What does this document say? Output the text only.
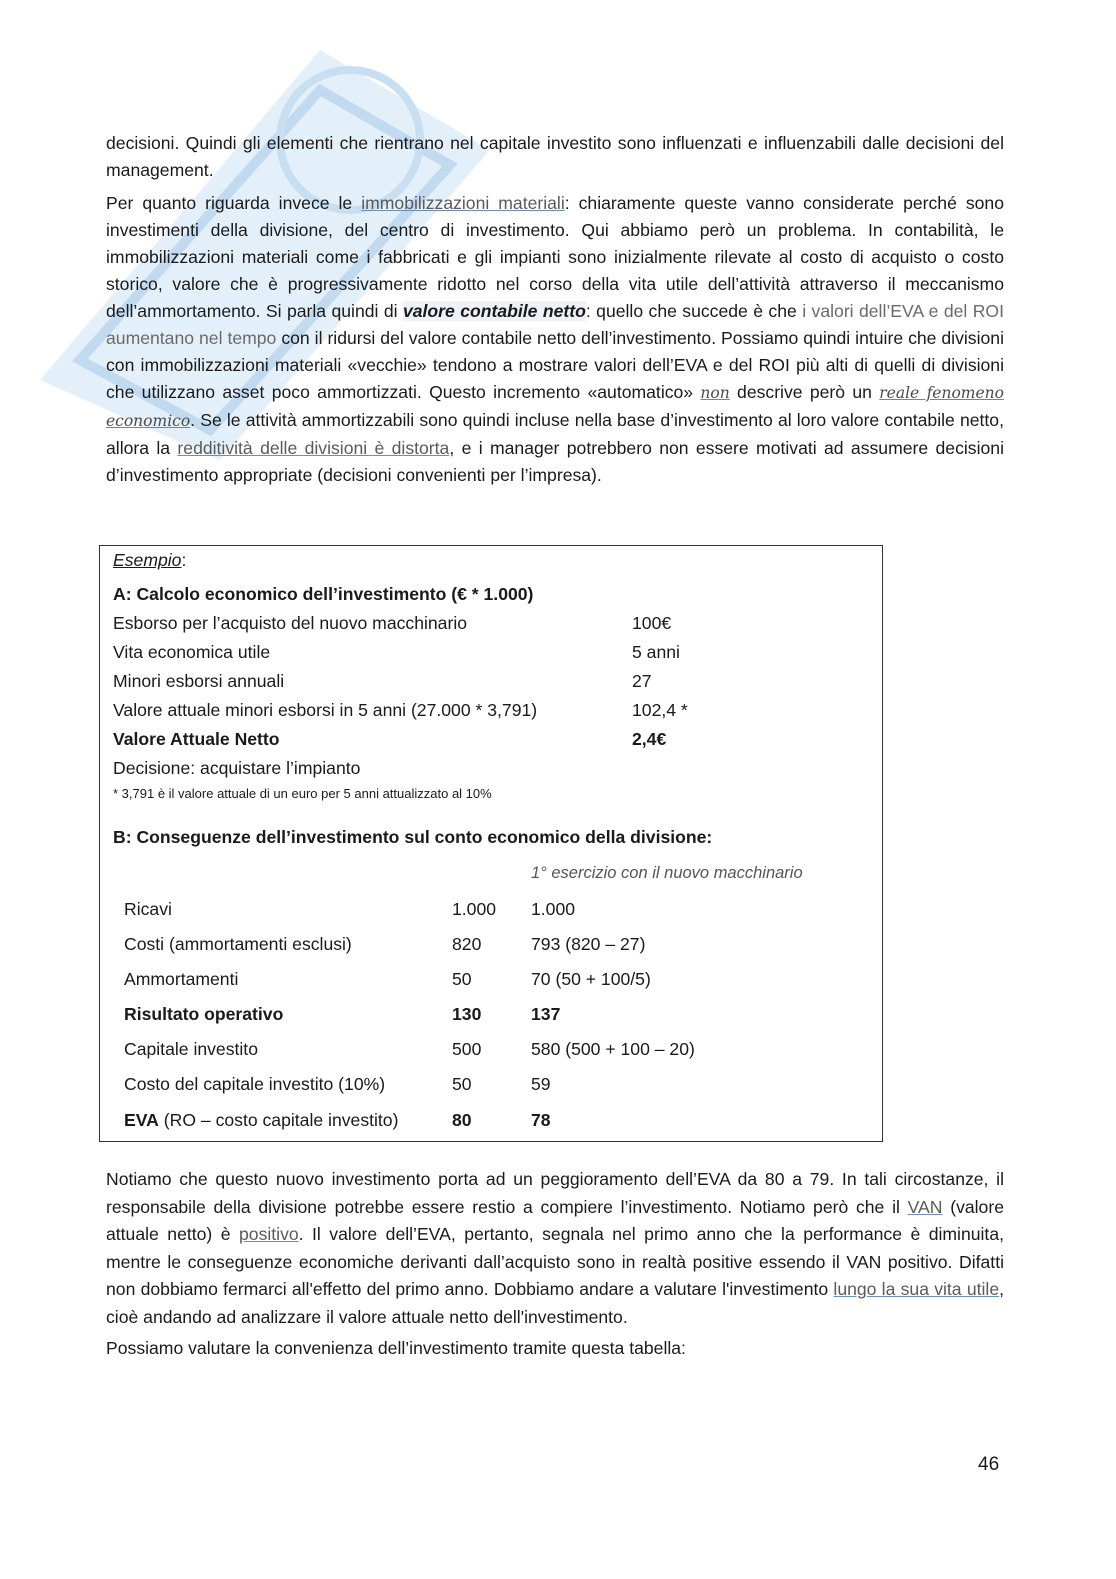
decisioni. Quindi gli elementi che rientrano nel capitale investito sono influenzati e influenzabili dalle decisioni del management.

Per quanto riguarda invece le immobilizzazioni materiali: chiaramente queste vanno considerate perché sono investimenti della divisione, del centro di investimento. Qui abbiamo però un problema. In contabilità, le immobilizzazioni materiali come i fabbricati e gli impianti sono inizialmente rilevate al costo di acquisto o costo storico, valore che è progressivamente ridotto nel corso della vita utile dell’attività attraverso il meccanismo dell’ammortamento. Si parla quindi di valore contabile netto: quello che succede è che i valori dell’EVA e del ROI aumentano nel tempo con il ridursi del valore contabile netto dell’investimento. Possiamo quindi intuire che divisioni con immobilizzazioni materiali «vecchie» tendono a mostrare valori dell’EVA e del ROI più alti di quelli di divisioni che utilizzano asset poco ammortizzati. Questo incremento «automatico» non descrive però un reale fenomeno economico. Se le attività ammortizzabili sono quindi incluse nella base d’investimento al loro valore contabile netto, allora la redditività delle divisioni è distorta, e i manager potrebbero non essere motivati ad assumere decisioni d’investimento appropriate (decisioni convenienti per l’impresa).

Esempio:
A: Calcolo economico dell’investimento (€ * 1.000)
Esborso per l’acquisto del nuovo macchinario	100€
Vita economica utile	5 anni
Minori esborsi annuali	27
Valore attuale minori esborsi in 5 anni (27.000 * 3,791)	102,4 *
Valore Attuale Netto	2,4€
Decisione: acquistare l’impianto
* 3,791 è il valore attuale di un euro per 5 anni attualizzato al 10%
B: Conseguenze dell’investimento sul conto economico della divisione:
1° esercizio con il nuovo macchinario
Ricavi	1.000 1.000
Costi (ammortamenti esclusi)	820	793 (820 – 27)
Ammortamenti	50	70 (50 + 100/5)
Risultato operativo	130	137
Capitale investito	500	580 (500 + 100 – 20)
Costo del capitale investito (10%)	50	59
EVA (RO – costo capitale investito)	80	78

Notiamo che questo nuovo investimento porta ad un peggioramento dell’EVA da 80 a 79. In tali circostanze, il responsabile della divisione potrebbe essere restio a compiere l’investimento. Notiamo però che il VAN (valore attuale netto) è positivo. Il valore dell’EVA, pertanto, segnala nel primo anno che la performance è diminuita, mentre le conseguenze economiche derivanti dall’acquisto sono in realtà positive essendo il VAN positivo. Difatti non dobbiamo fermarci all'effetto del primo anno. Dobbiamo andare a valutare l'investimento lungo la sua vita utile, cioè andando ad analizzare il valore attuale netto dell'investimento.

Possiamo valutare la convenienza dell’investimento tramite questa tabella:

46
